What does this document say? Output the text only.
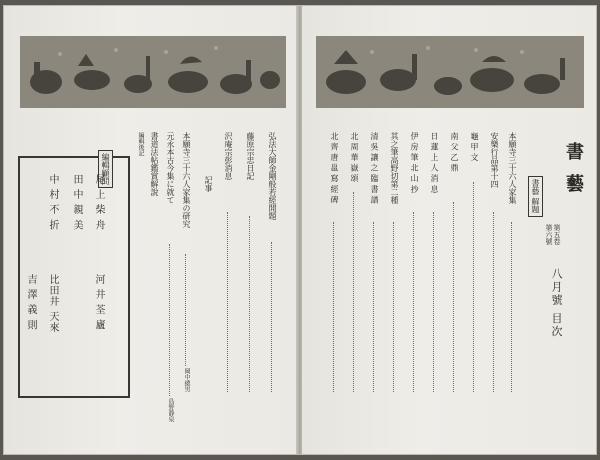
編輯顧問
尾 上 柴 舟
河 井 荃 廬
田 中 親 美
中 村 不 折
比田井 天來
吉 澤 義 則
編輯後記 書道法帖鑑賞解說 元永本古今集に就て
島野静泉
本願寺三十六人家集の研究
岡中總男
記事
沢庵宗彭消息 藤原宗忠日記 弘法大師金剛般若經開題	書 藝
第五卷
第六號
八月號 目次
書藝 解題
本願寺三十六人家集
安樂行品第十四
龜 甲 文
南 父 乙 鼎
日 蓮 上 人 消 息
伊 房 筆 北 山 抄
其之筆高野切第二種
清 吳 讓 之 臨 書 譜
北 周 華 嶽 頌
北 齊 唐 邕 寫 經 碑
